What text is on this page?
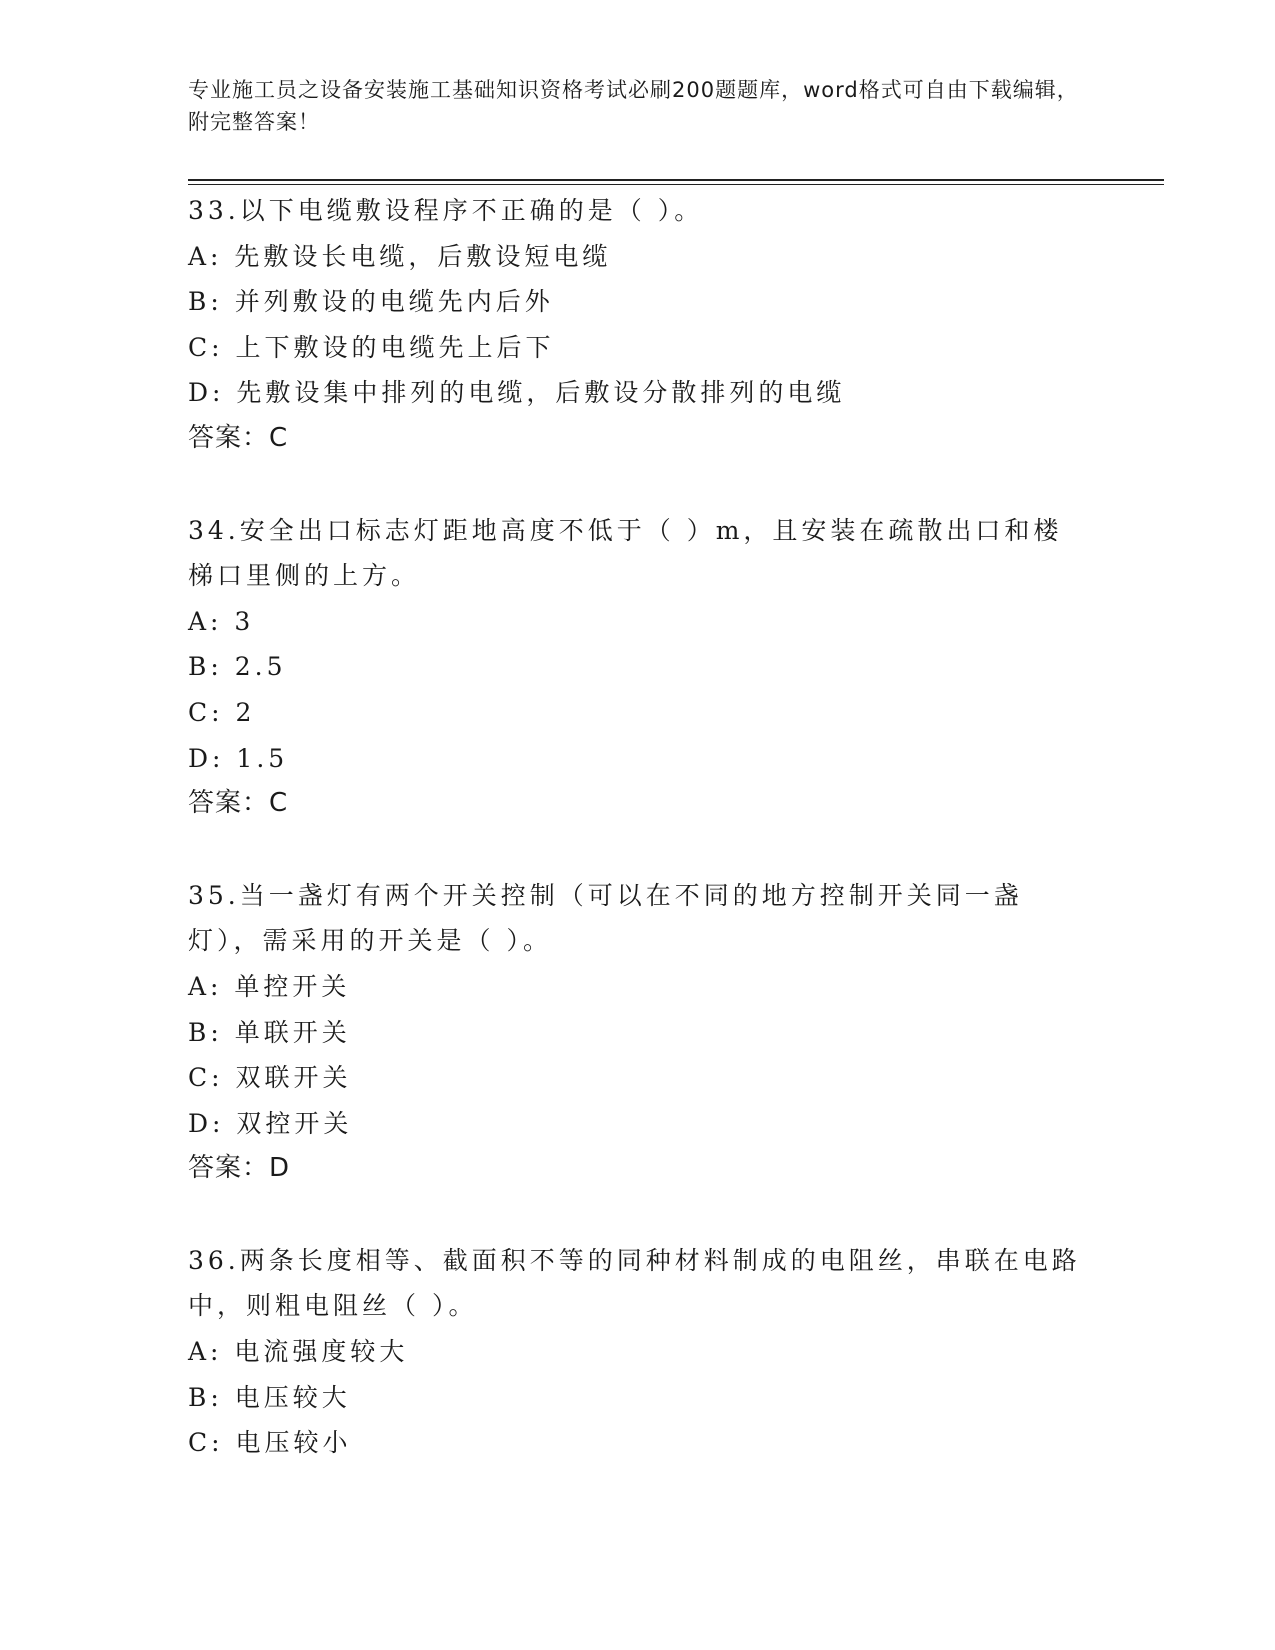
专业施工员之设备安装施工基础知识资格考试必刷200题题库，word格式可自由下载编辑，附完整答案！
33.以下电缆敷设程序不正确的是（ ）。
A: 先敷设长电缆，后敷设短电缆
B: 并列敷设的电缆先内后外
C: 上下敷设的电缆先上后下
D: 先敷设集中排列的电缆，后敷设分散排列的电缆
答案：C
34.安全出口标志灯距地高度不低于（ ）m，且安装在疏散出口和楼梯口里侧的上方。
A: 3
B: 2.5
C: 2
D: 1.5
答案：C
35.当一盏灯有两个开关控制（可以在不同的地方控制开关同一盏灯），需采用的开关是（ ）。
A: 单控开关
B: 单联开关
C: 双联开关
D: 双控开关
答案：D
36.两条长度相等、截面积不等的同种材料制成的电阻丝，串联在电路中，则粗电阻丝（ ）。
A: 电流强度较大
B: 电压较大
C: 电压较小
